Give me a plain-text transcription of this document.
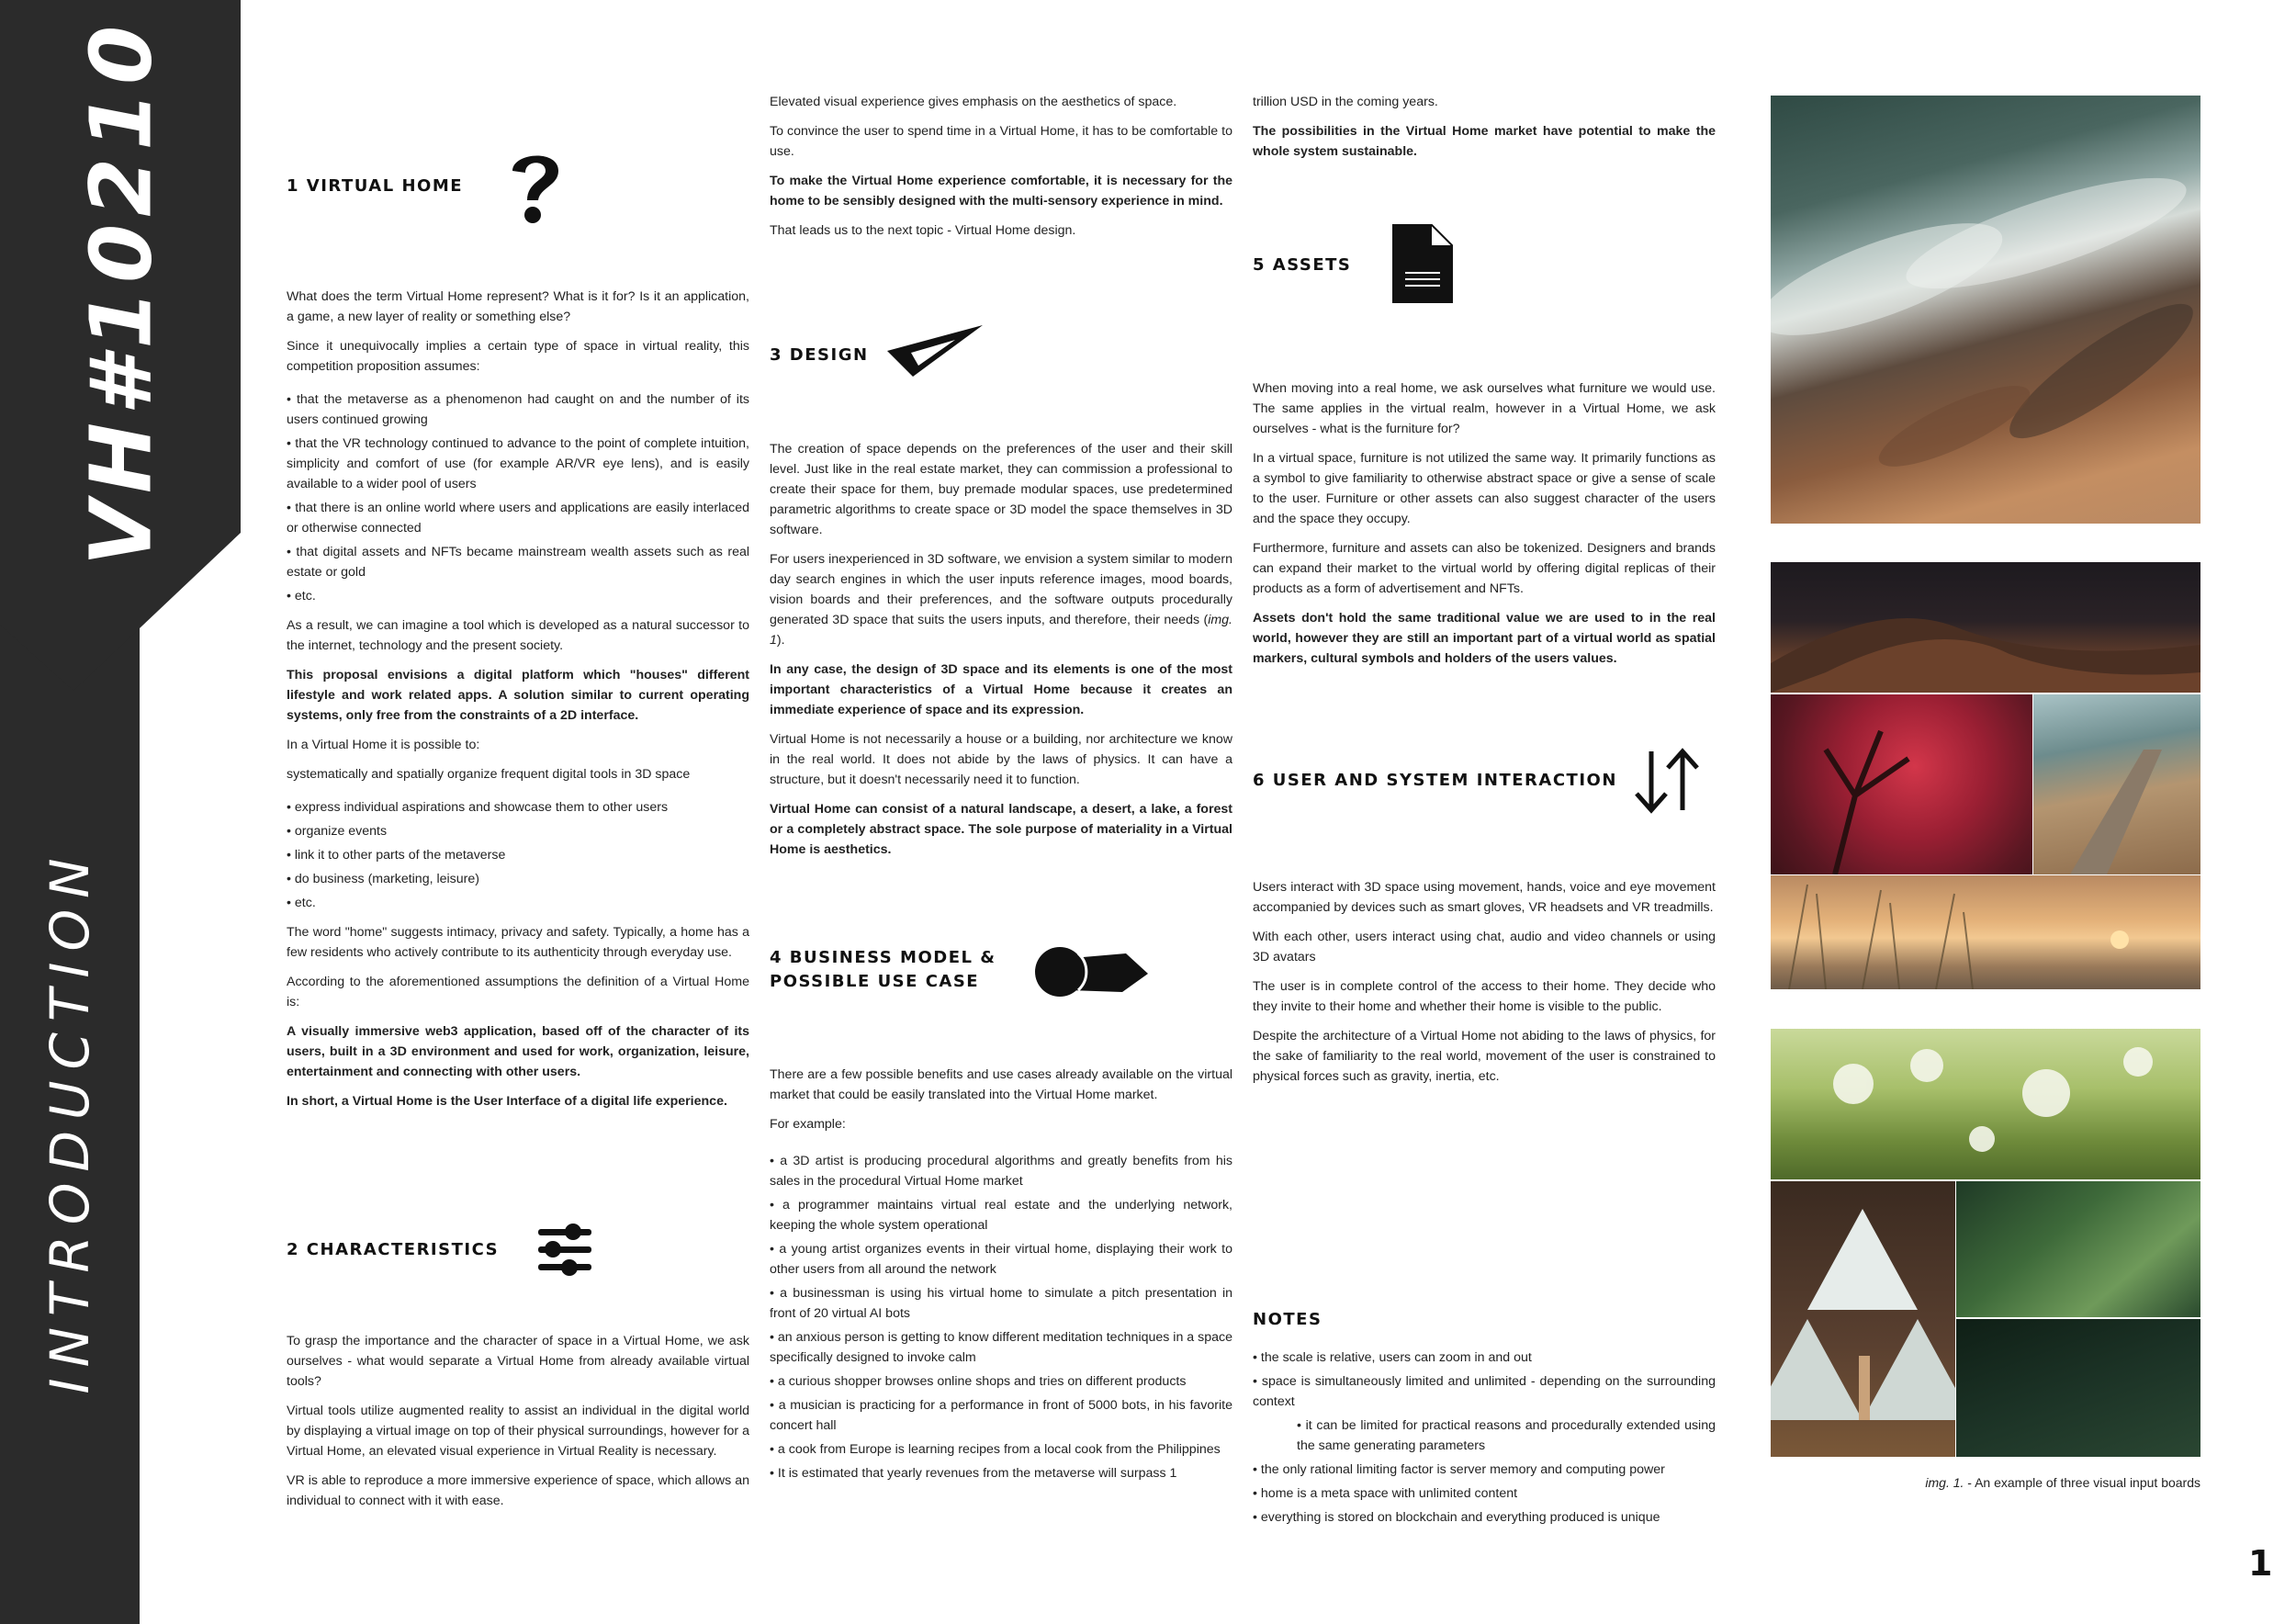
VH#10210
INTRODUCTION
1 VIRTUAL HOME

What does the term Virtual Home represent? What is it for? Is it an application, a game, a new layer of reality or something else?

Since it unequivocally implies a certain type of space in virtual reality, this competition proposition assumes:

• that the metaverse as a phenomenon had caught on and the number of its users continued growing
• that the VR technology continued to advance to the point of complete intuition, simplicity and comfort of use (for example AR/VR eye lens), and is easily available to a wider pool of users
• that there is an online world where users and applications are easily interlaced or otherwise connected
• that digital assets and NFTs became mainstream wealth assets such as real estate or gold
• etc.

As a result, we can imagine a tool which is developed as a natural successor to the internet, technology and the present society.

This proposal envisions a digital platform which "houses" different lifestyle and work related apps. A solution similar to current operating systems, only free from the constraints of a 2D interface.

In a Virtual Home it is possible to:

systematically and spatially organize frequent digital tools in 3D space

• express individual aspirations and showcase them to other users
• organize events
• link it to other parts of the metaverse
• do business (marketing, leisure)
• etc.

The word "home" suggests intimacy, privacy and safety. Typically, a home has a few residents who actively contribute to its authenticity through everyday use.

According to the aforementioned assumptions the definition of a Virtual Home is:

A visually immersive web3 application, based off of the character of its users, built in a 3D environment and used for work, organization, leisure, entertainment and connecting with other users.

In short, a Virtual Home is the User Interface of a digital life experience.

2 CHARACTERISTICS

To grasp the importance and the character of space in a Virtual Home, we ask ourselves - what would separate a Virtual Home from already available virtual tools?

Virtual tools utilize augmented reality to assist an individual in the digital world by displaying a virtual image on top of their physical surroundings, however for a Virtual Home, an elevated visual experience in Virtual Reality is necessary.

VR is able to reproduce a more immersive experience of space, which allows an individual to connect with it with ease.

Elevated visual experience gives emphasis on the aesthetics of space.

To convince the user to spend time in a Virtual Home, it has to be comfortable to use.

To make the Virtual Home experience comfortable, it is necessary for the home to be sensibly designed with the multi-sensory experience in mind.

That leads us to the next topic - Virtual Home design.

3 DESIGN

The creation of space depends on the preferences of the user and their skill level. Just like in the real estate market, they can commission a professional to create their space for them, buy premade modular spaces, use predetermined parametric algorithms to create space or 3D model the space themselves in 3D software.

For users inexperienced in 3D software, we envision a system similar to modern day search engines in which the user inputs reference images, mood boards, vision boards and their preferences, and the software outputs procedurally generated 3D space that suits the users inputs, and therefore, their needs (img. 1).

In any case, the design of 3D space and its elements is one of the most important characteristics of a Virtual Home because it creates an immediate experience of space and its expression.

Virtual Home is not necessarily a house or a building, nor architecture we know in the real world. It does not abide by the laws of physics. It can have a structure, but it doesn't necessarily need it to function.

Virtual Home can consist of a natural landscape, a desert, a lake, a forest or a completely abstract space. The sole purpose of materiality in a Virtual Home is aesthetics.

4 BUSINESS MODEL &
POSSIBLE USE CASE

There are a few possible benefits and use cases already available on the virtual market that could be easily translated into the Virtual Home market.

For example:

• a 3D artist is producing procedural algorithms and greatly benefits from his sales in the procedural Virtual Home market
• a programmer maintains virtual real estate and the underlying network, keeping the whole system operational
• a young artist organizes events in their virtual home, displaying their work to other users from all around the network
• a businessman is using his virtual home to simulate a pitch presentation in front of 20 virtual AI bots
• an anxious person is getting to know different meditation techniques in a space specifically designed to invoke calm
• a curious shopper browses online shops and tries on different products
• a musician is practicing for a performance in front of 5000 bots, in his favorite concert hall
• a cook from Europe is learning recipes from a local cook from the Philippines
• It is estimated that yearly revenues from the metaverse will surpass 1

trillion USD in the coming years.

The possibilities in the Virtual Home market have potential to make the whole system sustainable.

5 ASSETS

When moving into a real home, we ask ourselves what furniture we would use. The same applies in the virtual realm, however in a Virtual Home, we ask ourselves - what is the furniture for?

In a virtual space, furniture is not utilized the same way. It primarily functions as a symbol to give familiarity to otherwise abstract space or give a sense of scale to the user. Furniture or other assets can also suggest character of the users and the space they occupy.

Furthermore, furniture and assets can also be tokenized. Designers and brands can expand their market to the virtual world by offering digital replicas of their products as a form of advertisement and NFTs.

Assets don't hold the same traditional value we are used to in the real world, however they are still an important part of a virtual world as spatial markers, cultural symbols and holders of the users values.

6 USER AND SYSTEM INTERACTION

Users interact with 3D space using movement, hands, voice and eye movement accompanied by devices such as smart gloves, VR headsets and VR treadmills.

With each other, users interact using chat, audio and video channels or using 3D avatars

The user is in complete control of the access to their home. They decide who they invite to their home and whether their home is visible to the public.

Despite the architecture of a Virtual Home not abiding to the laws of physics, for the sake of familiarity to the real world, movement of the user is constrained to physical forces such as gravity, inertia, etc.

NOTES
• the scale is relative, users can zoom in and out
• space is simultaneously limited and unlimited - depending on the surrounding context
• it can be limited for practical reasons and procedurally extended using the same generating parameters
• the only rational limiting factor is server memory and computing power
• home is a meta space with unlimited content
• everything is stored on blockchain and everything produced is unique
img. 1. - An example of three visual input boards
1
